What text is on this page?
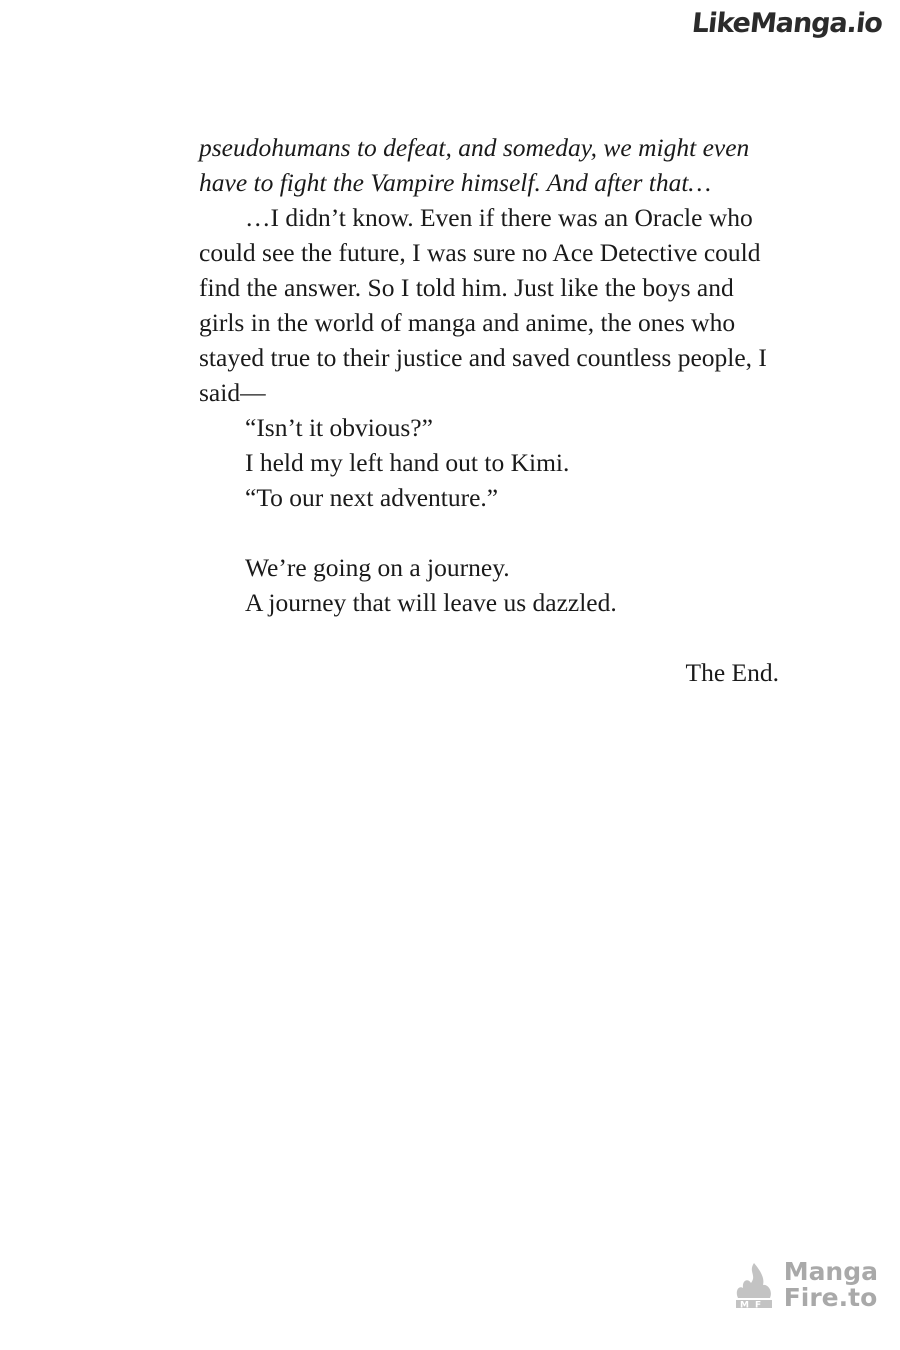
LikeManga.io

pseudohumans to defeat, and someday, we might even have to fight the Vampire himself. And after that…

…I didn’t know. Even if there was an Oracle who could see the future, I was sure no Ace Detective could find the answer. So I told him. Just like the boys and girls in the world of manga and anime, the ones who stayed true to their justice and saved countless people, I said—

“Isn’t it obvious?”

I held my left hand out to Kimi.

“To our next adventure.”

We’re going on a journey.

A journey that will leave us dazzled.

The End.

M F
Manga
Fire.to
